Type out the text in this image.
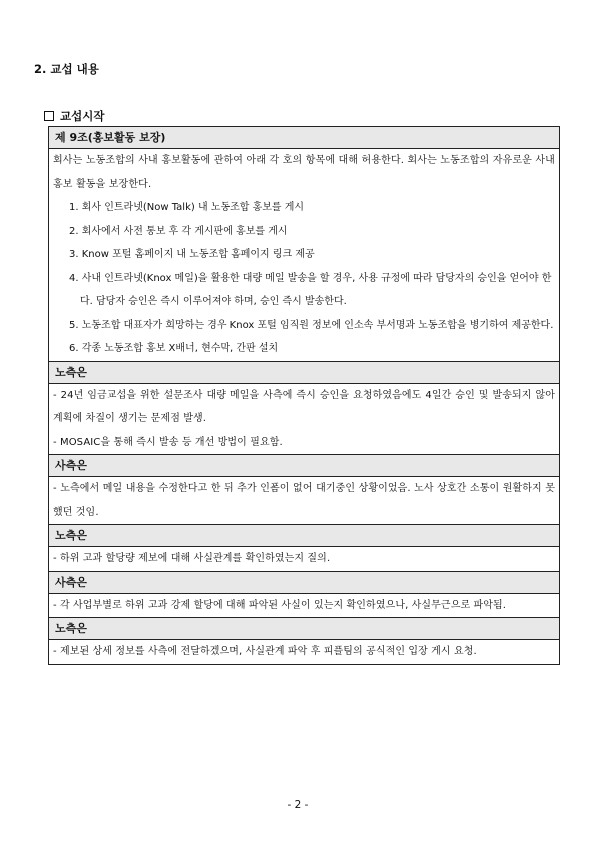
2. 교섭 내용
교섭시작
제 9조(홍보활동 보장)

회사는 노동조합의 사내 홍보활동에 관하여 아래 각 호의 항목에 대해 허용한다. 회사는 노동조합의 자유로운 사내 홍보 활동을 보장한다.

1. 회사 인트라넷(Now Talk) 내 노동조합 홍보를 게시

2. 회사에서 사전 통보 후 각 게시판에 홍보를 게시

3. Know 포털 홈페이지 내 노동조합 홈페이지 링크 제공

4. 사내 인트라넷(Knox 메일)을 활용한 대량 메일 발송을 할 경우, 사용 규정에 따라 담당자의 승인을 얻어야 한다. 담당자 승인은 즉시 이루어져야 하며, 승인 즉시 발송한다.

5. 노동조합 대표자가 희망하는 경우 Knox 포털 임직원 정보에 인소속 부서명과 노동조합을 병기하여 제공한다.

6. 각종 노동조합 홍보 X배너, 현수막, 간판 설치

노측은

- 24년 임금교섭을 위한 설문조사 대량 메일을 사측에 즉시 승인을 요청하였음에도 4일간 승인 및 발송되지 않아 계획에 차질이 생기는 문제점 발생.

- MOSAIC을 통해 즉시 발송 등 개선 방법이 필요함.

사측은

- 노측에서 메일 내용을 수정한다고 한 뒤 추가 인폼이 없어 대기중인 상황이었음. 노사 상호간 소통이 원활하지 못했던 것임.

노측은

- 하위 고과 할당량 제보에 대해 사실관계를 확인하였는지 질의.

사측은

- 각 사업부별로 하위 고과 강제 할당에 대해 파악된 사실이 있는지 확인하였으나, 사실무근으로 파악됨.

노측은

- 제보된 상세 정보를 사측에 전달하겠으며, 사실관계 파악 후 피플팀의 공식적인 입장 게시 요청.

- 2 -
